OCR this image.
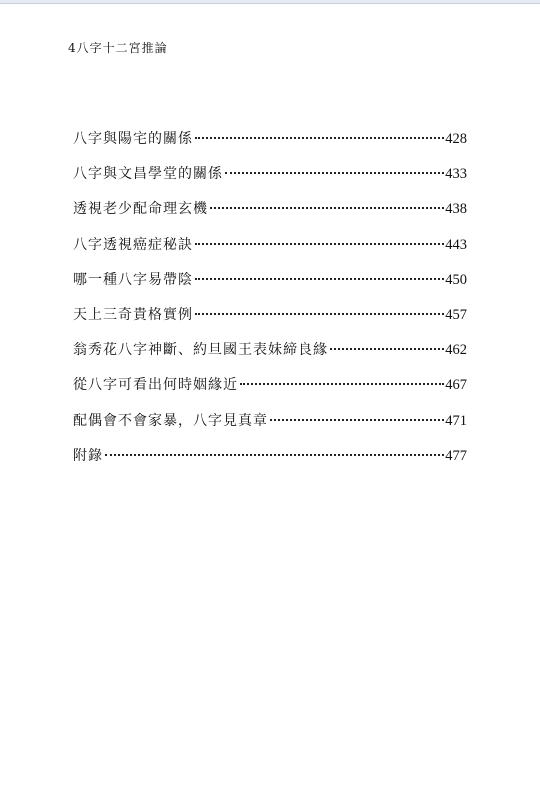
4八字十二宮推論
八字與陽宅的關係	428
八字與文昌學堂的關係	433
透視老少配命理玄機	438
八字透視癌症秘訣	443
哪一種八字易帶陰	450
天上三奇貴格實例	457
翁秀花八字神斷、約旦國王表妹締良緣	462
從八字可看出何時姻緣近	467
配偶會不會家暴，八字見真章	471
附錄	477
